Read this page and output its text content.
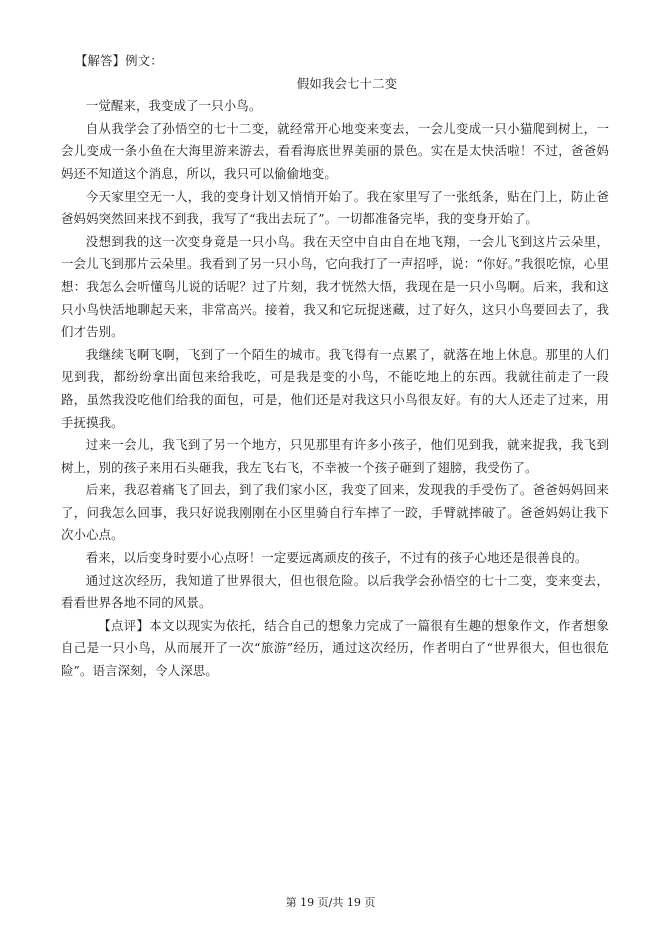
【解答】例文：

假如我会七十二变

一觉醒来，我变成了一只小鸟。

自从我学会了孙悟空的七十二变，就经常开心地变来变去，一会儿变成一只小猫爬到树上，一会儿变成一条小鱼在大海里游来游去，看看海底世界美丽的景色。实在是太快活啦！不过，爸爸妈妈还不知道这个消息，所以，我只可以偷偷地变。

今天家里空无一人，我的变身计划又悄悄开始了。我在家里写了一张纸条，贴在门上，防止爸爸妈妈突然回来找不到我，我写了“我出去玩了”。一切都准备完毕，我的变身开始了。

没想到我的这一次变身竟是一只小鸟。我在天空中自由自在地飞翔，一会儿飞到这片云朵里，一会儿飞到那片云朵里。我看到了另一只小鸟，它向我打了一声招呼，说：“你好。”我很吃惊，心里想：我怎么会听懂鸟儿说的话呢？过了片刻，我才恍然大悟，我现在是一只小鸟啊。后来，我和这只小鸟快活地聊起天来，非常高兴。接着，我又和它玩捉迷藏，过了好久，这只小鸟要回去了，我们才告别。

我继续飞啊飞啊，飞到了一个陌生的城市。我飞得有一点累了，就落在地上休息。那里的人们见到我，都纷纷拿出面包来给我吃，可是我是变的小鸟，不能吃地上的东西。我就往前走了一段路，虽然我没吃他们给我的面包，可是，他们还是对我这只小鸟很友好。有的大人还走了过来，用手抚摸我。

过来一会儿，我飞到了另一个地方，只见那里有许多小孩子，他们见到我，就来捉我，我飞到树上，别的孩子来用石头砸我，我左飞右飞，不幸被一个孩子砸到了翅膀，我受伤了。

后来，我忍着痛飞了回去，到了我们家小区，我变了回来，发现我的手受伤了。爸爸妈妈回来了，问我怎么回事，我只好说我刚刚在小区里骑自行车摔了一跤，手臂就摔破了。爸爸妈妈让我下次小心点。

看来，以后变身时要小心点呀！一定要远离顽皮的孩子，不过有的孩子心地还是很善良的。

通过这次经历，我知道了世界很大，但也很危险。以后我学会孙悟空的七十二变，变来变去，看看世界各地不同的风景。

【点评】本文以现实为依托，结合自己的想象力完成了一篇很有生趣的想象作文，作者想象自己是一只小鸟，从而展开了一次“旅游”经历，通过这次经历，作者明白了“世界很大，但也很危险”。语言深刻，令人深思。

第 19 页/共 19 页
